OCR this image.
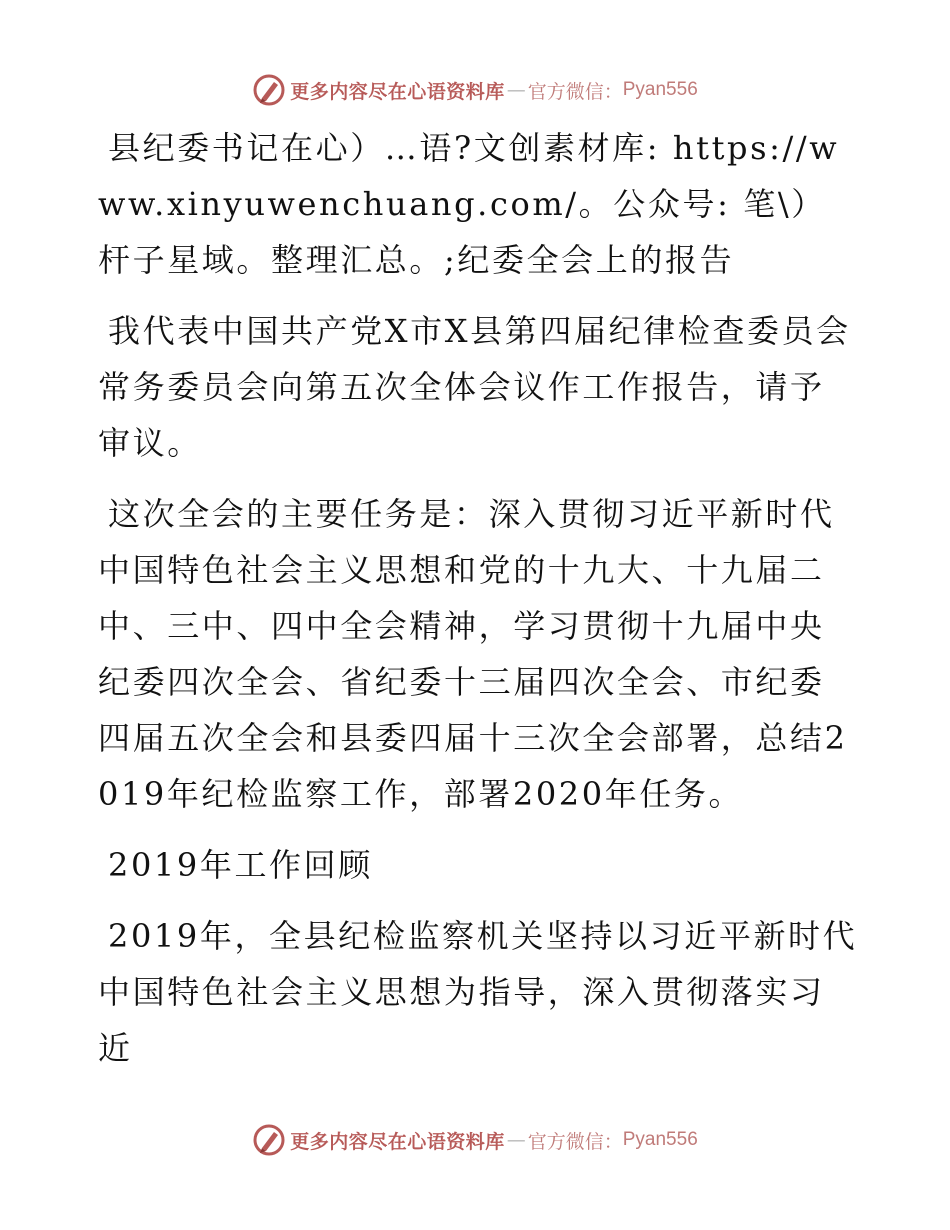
更多内容尽在心语资料库 — 官方微信： Pyan556

县纪委书记在心）…语?文创素材库: https://www.xinyuwenchuang.com/。公众号: 笔\）杆子星域。整理汇总。;纪委全会上的报告

我代表中国共产党X市X县第四届纪律检查委员会常务委员会向第五次全体会议作工作报告，请予审议。

这次全会的主要任务是：深入贯彻习近平新时代中国特色社会主义思想和党的十九大、十九届二中、三中、四中全会精神，学习贯彻十九届中央纪委四次全会、省纪委十三届四次全会、市纪委四届五次全会和县委四届十三次全会部署，总结2019年纪检监察工作，部署2020年任务。

2019年工作回顾

2019年，全县纪检监察机关坚持以习近平新时代中国特色社会主义思想为指导，深入贯彻落实习近

更多内容尽在心语资料库 — 官方微信： Pyan556
